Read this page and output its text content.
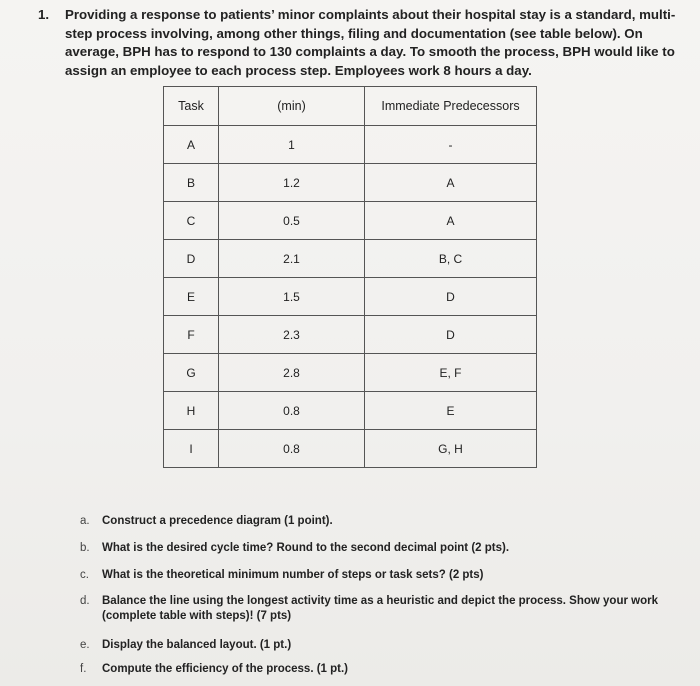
1. Providing a response to patients’ minor complaints about their hospital stay is a standard, multi-step process involving, among other things, filing and documentation (see table below). On average, BPH has to respond to 130 complaints a day. To smooth the process, BPH would like to assign an employee to each process step. Employees work 8 hours a day.
Task	(min)	Immediate Predecessors
A	1	-
B	1.2	A
C	0.5	A
D	2.1	B, C
E	1.5	D
F	2.3	D
G	2.8	E, F
H	0.8	E
I	0.8	G, H
a.	Construct a precedence diagram (1 point).
b.	What is the desired cycle time? Round to the second decimal point (2 pts).
c.	What is the theoretical minimum number of steps or task sets? (2 pts)
d.	Balance the line using the longest activity time as a heuristic and depict the process. Show your work (complete table with steps)! (7 pts)
e.	Display the balanced layout. (1 pt.)
f.	Compute the efficiency of the process. (1 pt.)
